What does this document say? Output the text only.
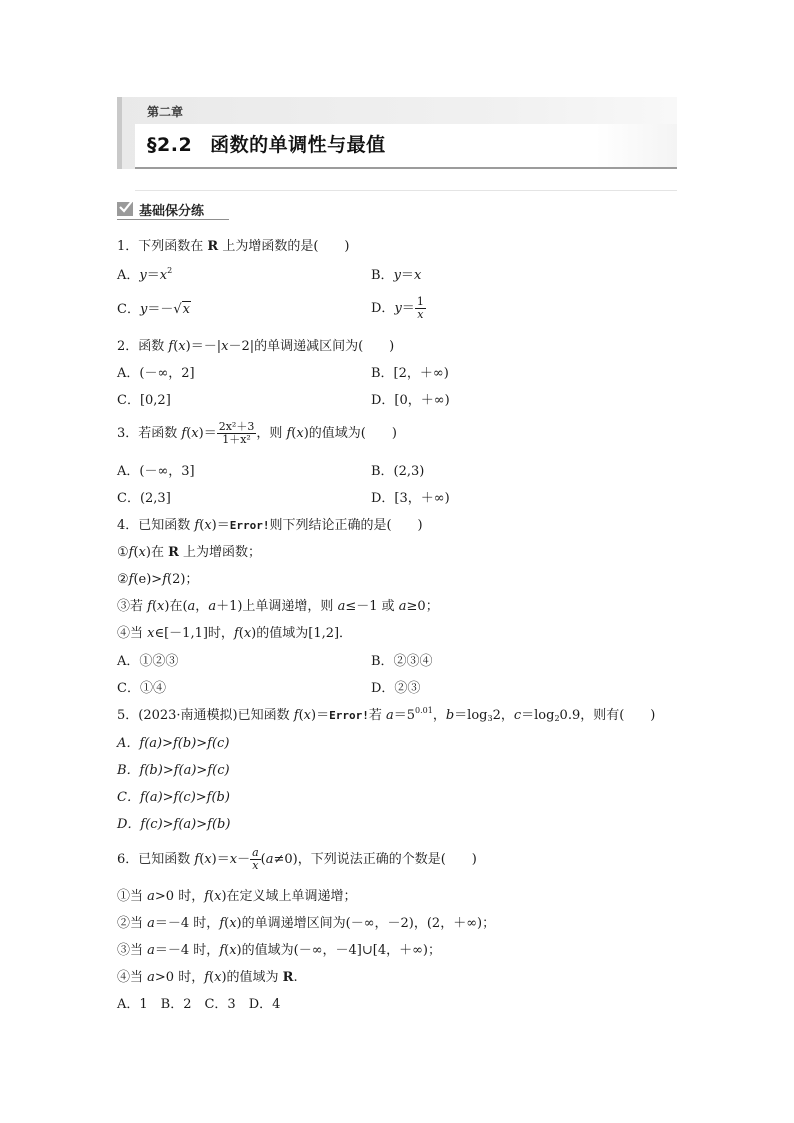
第二章
§2.2 函数的单调性与最值
基础保分练
1．下列函数在 R 上为增函数的是(　　)
A．$y=x^2$	B．y＝x
C．y＝－√x	D．$y= \frac{1}{x}$
2．函数 f(x)＝－|x－2|的单调递减区间为(　　)
A．(－∞，2]	B．[2，＋∞)
C．[0,2]	D．[0，＋∞)
3．若函数 $f(x)= \frac{\text{2x²＋3}}{\text{1＋x²}}$ ，则 f(x)的值域为(　　)
A．(－∞，3]	B．(2,3)
C．(2,3]	D．[3，＋∞)
4．已知函数 f(x)＝Error!则下列结论正确的是(　　)
①f(x)在 R 上为增函数；
②f(e)>f(2)；
③若 f(x)在(a，a＋1)上单调递增，则 a≤－1 或 a≥0；
④当 x∈[－1,1]时，f(x)的值域为[1,2]．
A．①②③	B．②③④
C．①④	D．②③
5．(2023·南通模拟)已知函数 f(x)＝Error!若 $a=5^{0.01}$，$b=\log_32$，$c=\log_20.9$，则有(　　)
A．f(a)>f(b)>f(c)
B．f(b)>f(a)>f(c)
C．f(a)>f(c)>f(b)
D．f(c)>f(a)>f(b)
6．已知函数 $f(x)=x- \frac{a}{x} (a\ne 0)$，下列说法正确的个数是(　　)
①当 a>0 时，f(x)在定义域上单调递增；
②当 a＝－4 时，f(x)的单调递增区间为(－∞，－2)，(2，＋∞)；
③当 a＝－4 时，f(x)的值域为(－∞，－4]∪[4，＋∞)；
④当 a>0 时，f(x)的值域为 R.
A．1　B．2　C．3　D．4
